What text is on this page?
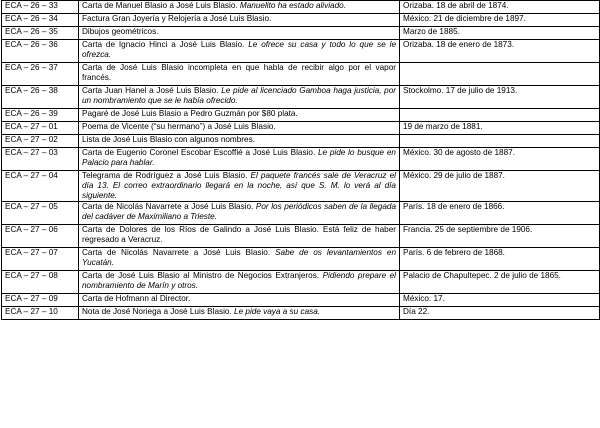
ECA – 26 – 33	Carta de Manuel Blasio a José Luis Blasio. Manuelito ha estado aliviado.	Orizaba. 18 de abril de 1874.
ECA – 26 – 34	Factura Gran Joyería y Relojería a José Luis Blasio.	México. 21 de diciembre de 1897.
ECA – 26 – 35	Dibujos geométricos.	Marzo de 1885.
ECA – 26 – 36	Carta de Ignacio Hinci a José Luis Blasio. Le ofrece su casa y todo lo que se le ofrezca.	Orizaba. 18 de enero de 1873.
ECA – 26 – 37	Carta de José Luis Blasio incompleta en que habla de recibir algo por el vapor francés.	
ECA – 26 – 38	Carta Juan Hanel a José Luis Blasio. Le pide al licenciado Gamboa haga justicia, por un nombramiento que se le había ofrecido.	Stockolmo. 17 de julio de 1913.
ECA – 26 – 39	Pagaré de José Luis Blasio a Pedro Guzmán por $80 plata.	
ECA – 27 – 01	Poema de Vicente (“su hermano”) a José Luis Blasio.	19 de marzo de 1881.
ECA – 27 – 02	Lista de José Luis Blasio con algunos nombres.	
ECA – 27 – 03	Carta de Eugenio Coronel Escobar Escoffié a José Luis Blasio. Le pide lo busque en Palacio para hablar.	México. 30 de agosto de 1887.
ECA – 27 – 04	Telegrama de Rodríguez a José Luis Blasio. El paquete francés sale de Veracruz el día 13. El correo extraordinario llegará en la noche, así que S. M. lo verá al día siguiente.	México. 29 de julio de 1887.
ECA – 27 – 05	Carta de Nicolás Navarrete a José Luis Blasio. Por los periódicos saben de la llegada del cadáver de Maximiliano a Trieste.	París. 18 de enero de 1866.
ECA – 27 – 06	Carta de Dolores de los Ríos de Galindo a José Luis Blasio. Está feliz de haber regresado a Veracruz.	Francia. 25 de septiembre de 1906.
ECA – 27 – 07	Carta de Nicolás Navarrete a José Luis Blasio. Sabe de os levantamientos en Yucatán.	París. 6 de febrero de 1868.
ECA – 27 – 08	Carta de José Luis Blasio al Ministro de Negocios Extranjeros. Pidiendo prepare el nombramiento de Marín y otros.	Palacio de Chapultepec. 2 de julio de 1865.
ECA – 27 – 09	Carta de Hofmann al Director.	México. 17.
ECA – 27 – 10	Nota de José Noriega a José Luis Blasio. Le pide vaya a su casa.	Día 22.
